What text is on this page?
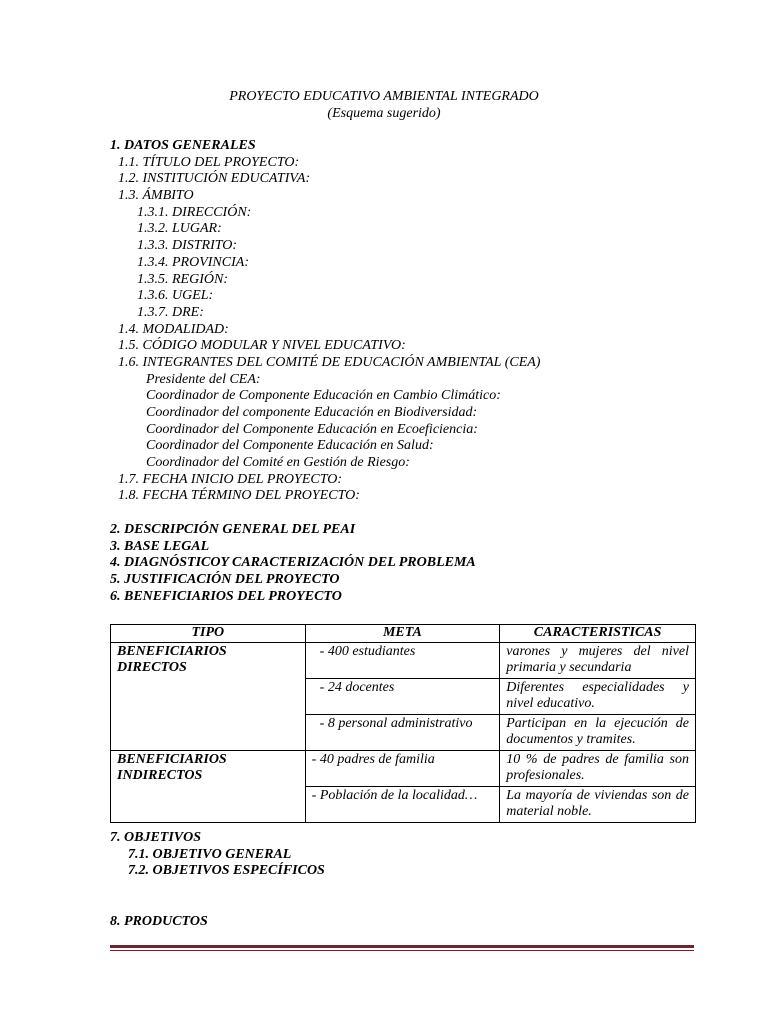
PROYECTO EDUCATIVO AMBIENTAL INTEGRADO
(Esquema sugerido)
1. DATOS GENERALES
1.1. TÍTULO DEL PROYECTO:
1.2. INSTITUCIÓN EDUCATIVA:
1.3. ÁMBITO
1.3.1. DIRECCIÓN:
1.3.2. LUGAR:
1.3.3. DISTRITO:
1.3.4. PROVINCIA:
1.3.5. REGIÓN:
1.3.6. UGEL:
1.3.7. DRE:
1.4. MODALIDAD:
1.5. CÓDIGO MODULAR Y NIVEL EDUCATIVO:
1.6. INTEGRANTES DEL COMITÉ DE EDUCACIÓN AMBIENTAL (CEA)
Presidente del CEA:
Coordinador de Componente Educación en Cambio Climático:
Coordinador del componente Educación en Biodiversidad:
Coordinador del Componente Educación en Ecoeficiencia:
Coordinador del Componente Educación en Salud:
Coordinador del Comité en Gestión de Riesgo:
1.7. FECHA INICIO DEL PROYECTO:
1.8. FECHA TÉRMINO DEL PROYECTO:
2. DESCRIPCIÓN GENERAL DEL PEAI
3. BASE LEGAL
4. DIAGNÓSTICOY CARACTERIZACIÓN DEL PROBLEMA
5. JUSTIFICACIÓN DEL PROYECTO
6. BENEFICIARIOS DEL PROYECTO
TIPO	META	CARACTERISTICAS
BENEFICIARIOS DIRECTOS	- 400 estudiantes	varones y mujeres del nivel primaria y secundaria
	- 24 docentes	Diferentes especialidades y nivel educativo.
	- 8 personal administrativo	Participan en la ejecución de documentos y tramites.
BENEFICIARIOS INDIRECTOS	- 40 padres de familia	10 % de padres de familia son profesionales.
	- Población de la localidad…	La mayoría de viviendas son de material noble.
7. OBJETIVOS
7.1. OBJETIVO GENERAL
7.2. OBJETIVOS ESPECÍFICOS
8. PRODUCTOS
